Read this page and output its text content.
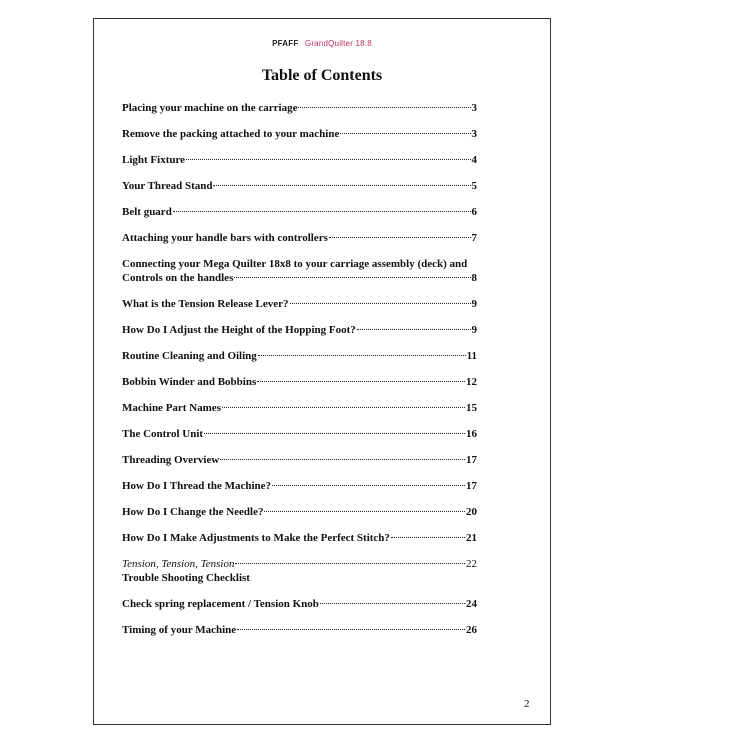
PFAFF GrandQuilter 18.8
Table of Contents
Placing your machine on the carriage	3
Remove the packing attached to your machine	3
Light Fixture	4
Your Thread Stand	5
Belt guard	6
Attaching your handle bars with controllers	7
Connecting your Mega Quilter 18x8 to your carriage assembly (deck) and
Controls on the handles	8
What is the Tension Release Lever?	9
How Do I Adjust the Height of the Hopping Foot?	9
Routine Cleaning and Oiling	11
Bobbin Winder and Bobbins	12
Machine Part Names	15
The Control Unit	16
Threading Overview	17
How Do I Thread the Machine?	17
How Do I Change the Needle?	20
How Do I Make Adjustments to Make the Perfect Stitch?	21
Tension, Tension, Tension	22
Trouble Shooting Checklist
Check spring replacement / Tension Knob	24
Timing of your Machine	26
2
